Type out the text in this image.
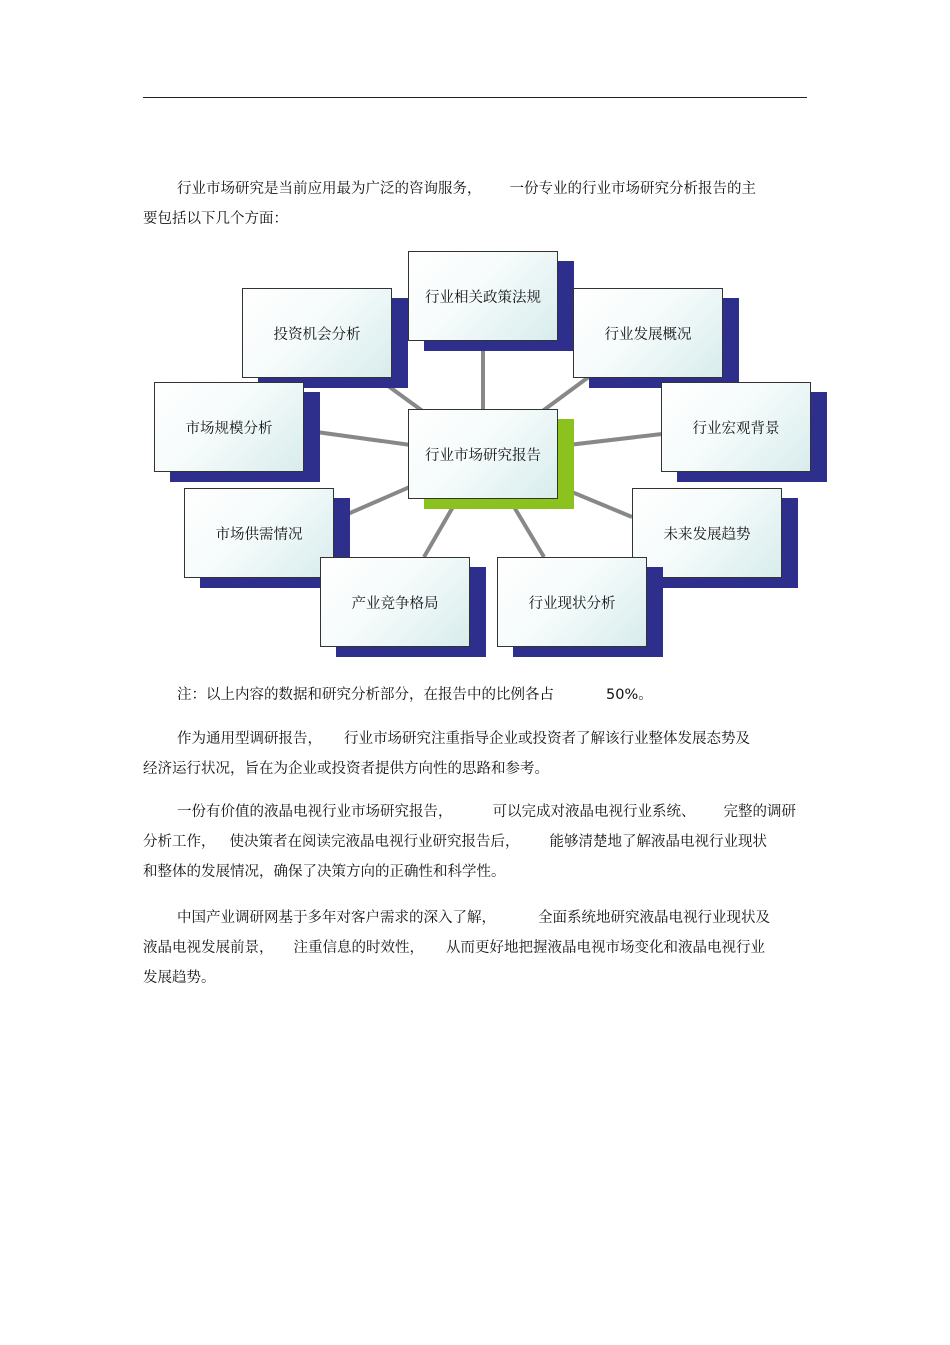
行业市场研究是当前应用最为广泛的咨询服务， 一份专业的行业市场研究分析报告的主
要包括以下几个方面：
行业相关政策法规
投资机会分析	行业发展概况
市场规模分析	行业宏观背景
行业市场研究报告
市场供需情况	未来发展趋势
产业竞争格局	行业现状分析
注：以上内容的数据和研究分析部分，在报告中的比例各占	50%。
作为通用型调研报告， 行业市场研究注重指导企业或投资者了解该行业整体发展态势及
经济运行状况，旨在为企业或投资者提供方向性的思路和参考。
一份有价值的液晶电视行业市场研究报告，	可以完成对液晶电视行业系统、 完整的调研
分析工作， 使决策者在阅读完液晶电视行业研究报告后， 能够清楚地了解液晶电视行业现状
和整体的发展情况，确保了决策方向的正确性和科学性。
中国产业调研网基于多年对客户需求的深入了解，	全面系统地研究液晶电视行业现状及
液晶电视发展前景， 注重信息的时效性， 从而更好地把握液晶电视市场变化和液晶电视行业
发展趋势。
